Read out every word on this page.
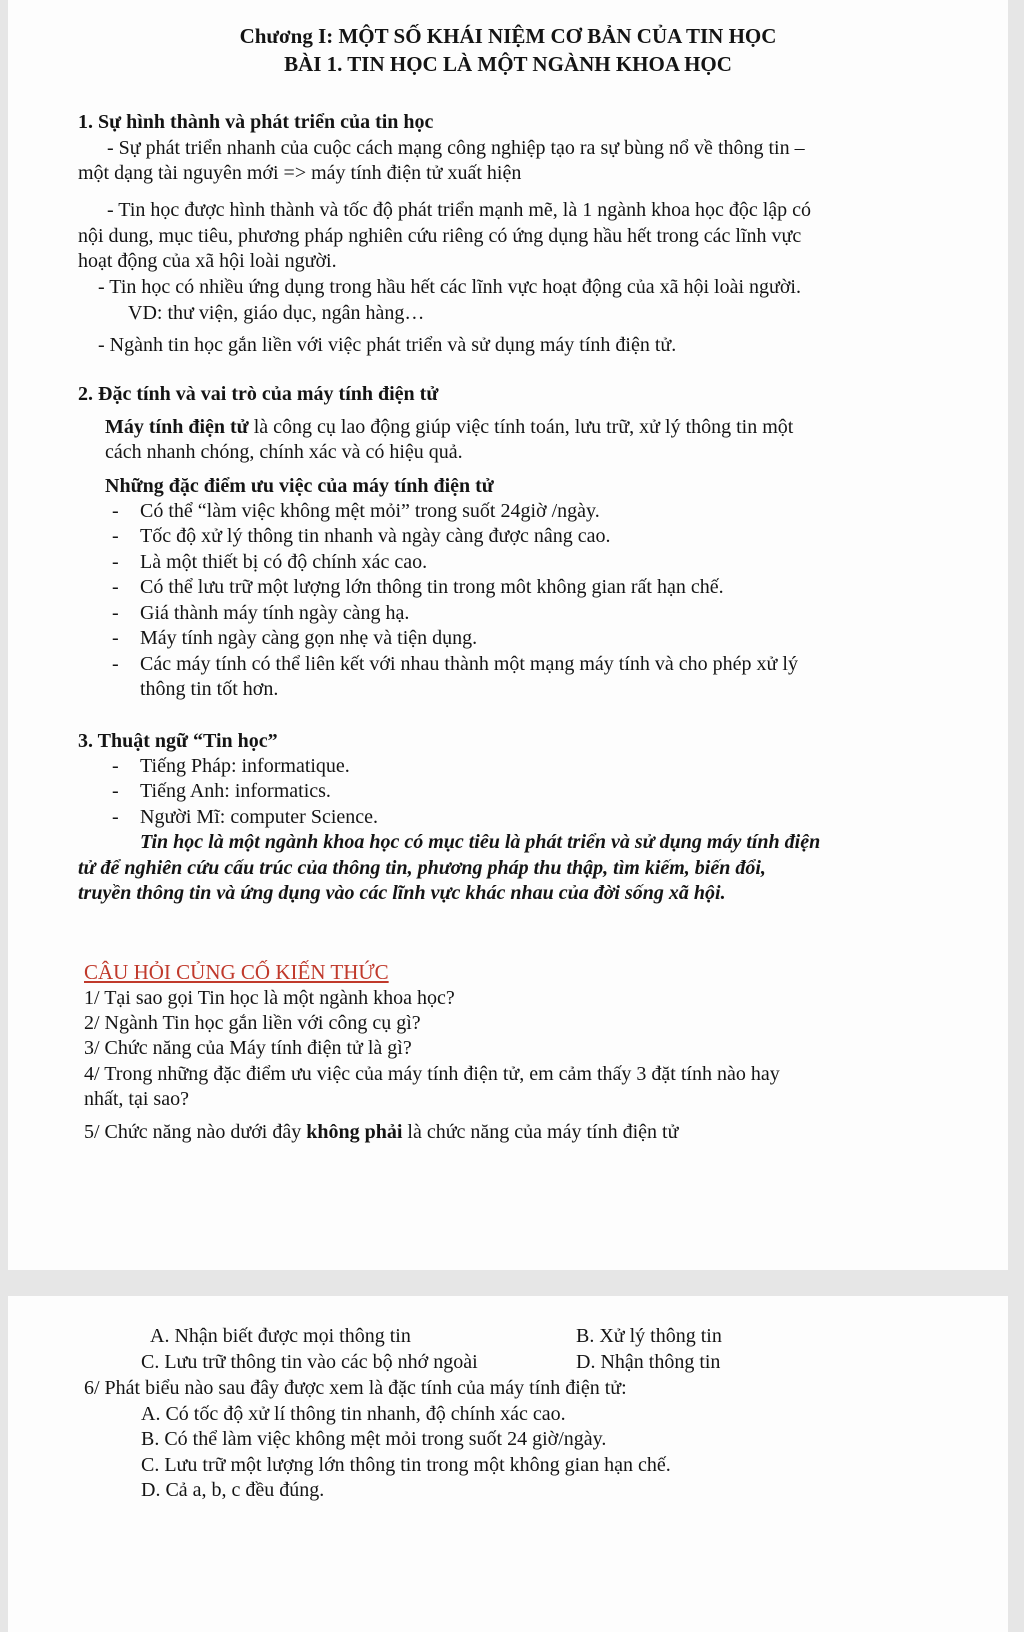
Chương I: MỘT SỐ KHÁI NIỆM CƠ BẢN CỦA TIN HỌC
BÀI 1. TIN HỌC LÀ MỘT NGÀNH KHOA HỌC
1. Sự hình thành và phát triển của tin học
- Sự phát triển nhanh của cuộc cách mạng công nghiệp tạo ra sự bùng nổ về thông tin –
một dạng tài nguyên mới => máy tính điện tử xuất hiện
- Tin học được hình thành và tốc độ phát triển mạnh mẽ, là 1 ngành khoa học độc lập có
nội dung, mục tiêu, phương pháp nghiên cứu riêng có ứng dụng hầu hết trong các lĩnh vực
hoạt động của xã hội loài người.
- Tin học có nhiều ứng dụng trong hầu hết các lĩnh vực hoạt động của xã hội loài người.
VD: thư viện, giáo dục, ngân hàng…
- Ngành tin học gắn liền với việc phát triển và sử dụng máy tính điện tử.
2. Đặc tính và vai trò của máy tính điện tử
Máy tính điện tử là công cụ lao động giúp việc tính toán, lưu trữ, xử lý thông tin một
cách nhanh chóng, chính xác và có hiệu quả.
Những đặc điểm ưu việc của máy tính điện tử
- Có thể “làm việc không mệt mỏi” trong suốt 24giờ /ngày.
- Tốc độ xử lý thông tin nhanh và ngày càng được nâng cao.
- Là một thiết bị có độ chính xác cao.
- Có thể lưu trữ một lượng lớn thông tin trong môt không gian rất hạn chế.
- Giá thành máy tính ngày càng hạ.
- Máy tính ngày càng gọn nhẹ và tiện dụng.
- Các máy tính có thể liên kết với nhau thành một mạng máy tính và cho phép xử lý
thông tin tốt hơn.
3. Thuật ngữ “Tin học”
- Tiếng Pháp: informatique.
- Tiếng Anh: informatics.
- Người Mĩ: computer Science.
Tin học là một ngành khoa học có mục tiêu là phát triển và sử dụng máy tính điện
tử để nghiên cứu cấu trúc của thông tin, phương pháp thu thập, tìm kiếm, biến đổi,
truyền thông tin và ứng dụng vào các lĩnh vực khác nhau của đời sống xã hội.
CÂU HỎI CỦNG CỐ KIẾN THỨC
1/ Tại sao gọi Tin học là một ngành khoa học?
2/ Ngành Tin học gắn liền với công cụ gì?
3/ Chức năng của Máy tính điện tử là gì?
4/ Trong những đặc điểm ưu việc của máy tính điện tử, em cảm thấy 3 đặt tính nào hay
nhất, tại sao?
5/ Chức năng nào dưới đây không phải là chức năng của máy tính điện tử
A. Nhận biết được mọi thông tin	B. Xử lý thông tin
C. Lưu trữ thông tin vào các bộ nhớ ngoài	D. Nhận thông tin
6/ Phát biểu nào sau đây được xem là đặc tính của máy tính điện tử:
A. Có tốc độ xử lí thông tin nhanh, độ chính xác cao.
B. Có thể làm việc không mệt mỏi trong suốt 24 giờ/ngày.
C. Lưu trữ một lượng lớn thông tin trong một không gian hạn chế.
D. Cả a, b, c đều đúng.
